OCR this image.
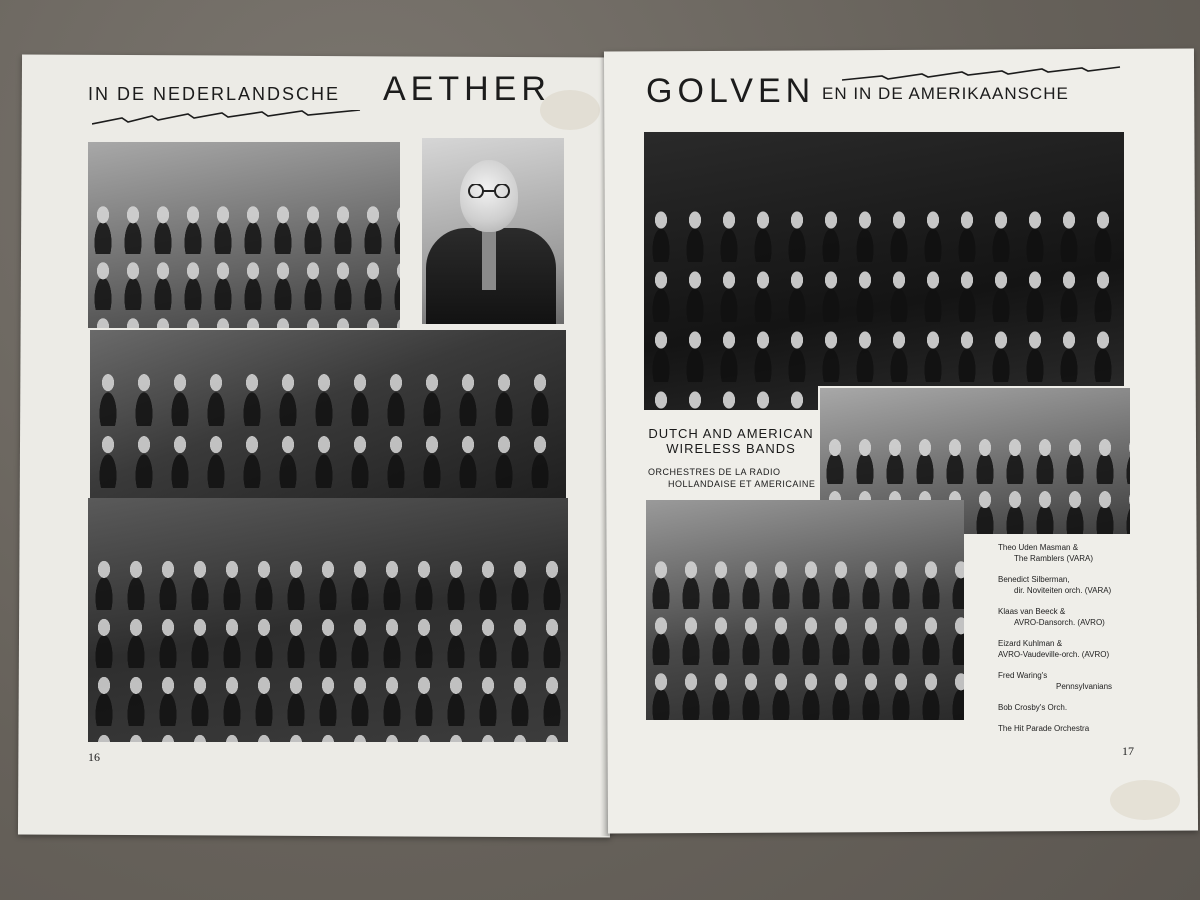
IN DE NEDERLANDSCHE AETHER	GOLVEN EN IN DE AMERIKAANSCHE
16
DUTCH AND AMERICAN
WIRELESS BANDS
ORCHESTRES DE LA RADIO
HOLLANDAISE ET AMERICAINE
Theo Uden Masman &
The Ramblers (VARA)
Benedict Silberman,
dir. Noviteiten orch. (VARA)
Klaas van Beeck &
AVRO-Dansorch. (AVRO)
Eizard Kuhlman &
AVRO-Vaudeville-orch. (AVRO)
Fred Waring's
Pennsylvanians
Bob Crosby's Orch.
The Hit Parade Orchestra
17
